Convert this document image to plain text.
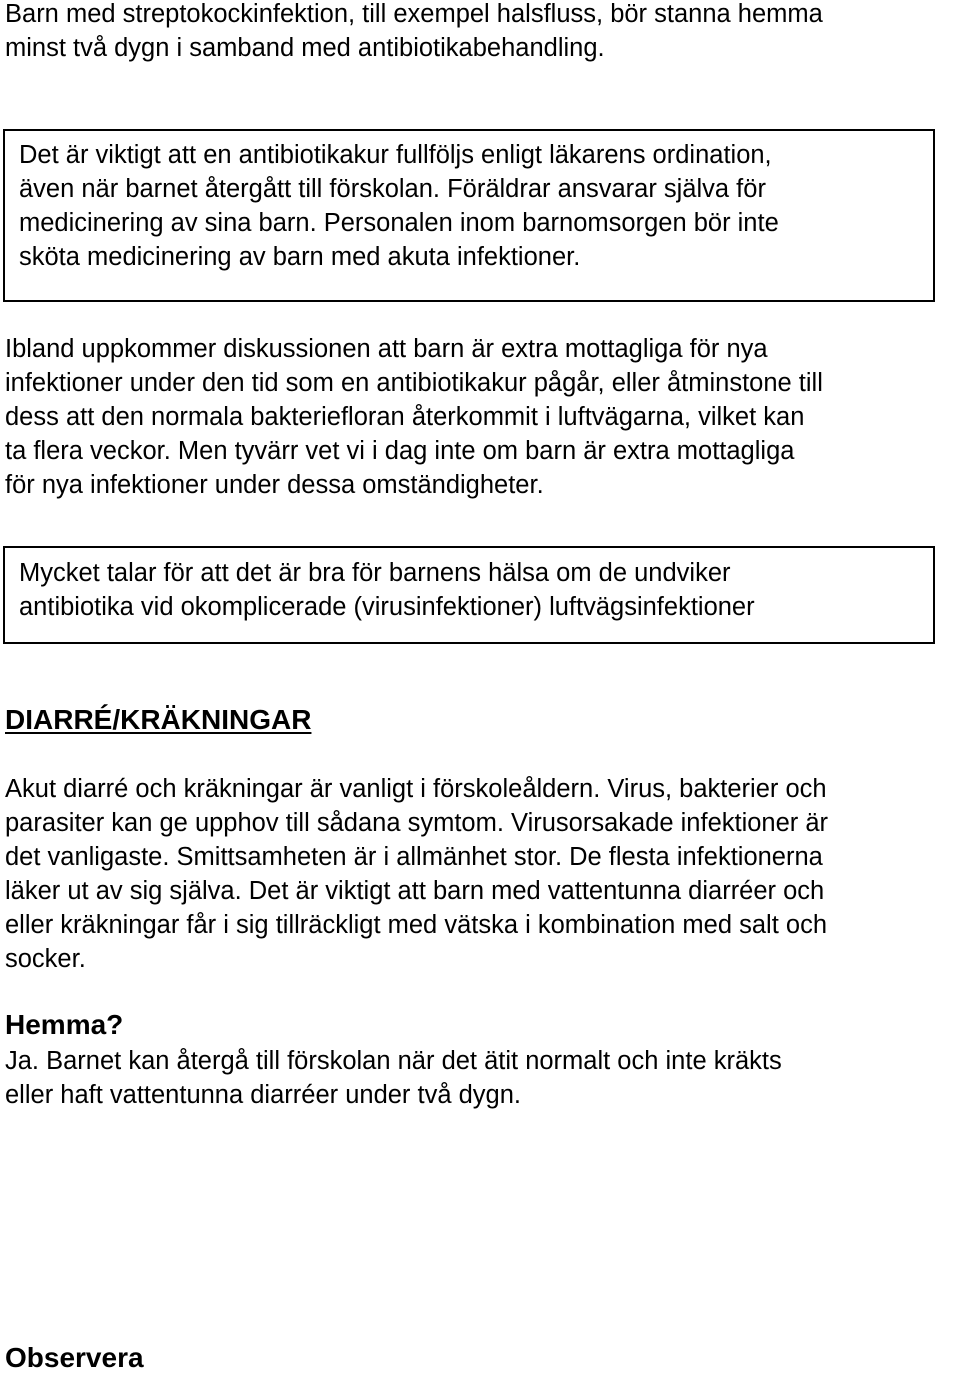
Barn med streptokockinfektion, till exempel halsfluss, bör stanna hemma
minst två dygn i samband med antibiotikabehandling.

Det är viktigt att en antibiotikakur fullföljs enligt läkarens ordination,
även när barnet återgått till förskolan. Föräldrar ansvarar själva för
medicinering av sina barn. Personalen inom barnomsorgen bör inte
sköta medicinering av barn med akuta infektioner.

Ibland uppkommer diskussionen att barn är extra mottagliga för nya
infektioner under den tid som en antibiotikakur pågår, eller åtminstone till
dess att den normala bakteriefloran återkommit i luftvägarna, vilket kan
ta flera veckor. Men tyvärr vet vi i dag inte om barn är extra mottagliga
för nya infektioner under dessa omständigheter.

Mycket talar för att det är bra för barnens hälsa om de undviker
antibiotika vid okomplicerade (virusinfektioner) luftvägsinfektioner

DIARRÉ/KRÄKNINGAR

Akut diarré och kräkningar är vanligt i förskoleåldern. Virus, bakterier och
parasiter kan ge upphov till sådana symtom. Virusorsakade infektioner är
det vanligaste. Smittsamheten är i allmänhet stor. De flesta infektionerna
läker ut av sig själva. Det är viktigt att barn med vattentunna diarréer och
eller kräkningar får i sig tillräckligt med vätska i kombination med salt och
socker.

Hemma?

Ja. Barnet kan återgå till förskolan när det ätit normalt och inte kräkts
eller haft vattentunna diarréer under två dygn.

Observera
